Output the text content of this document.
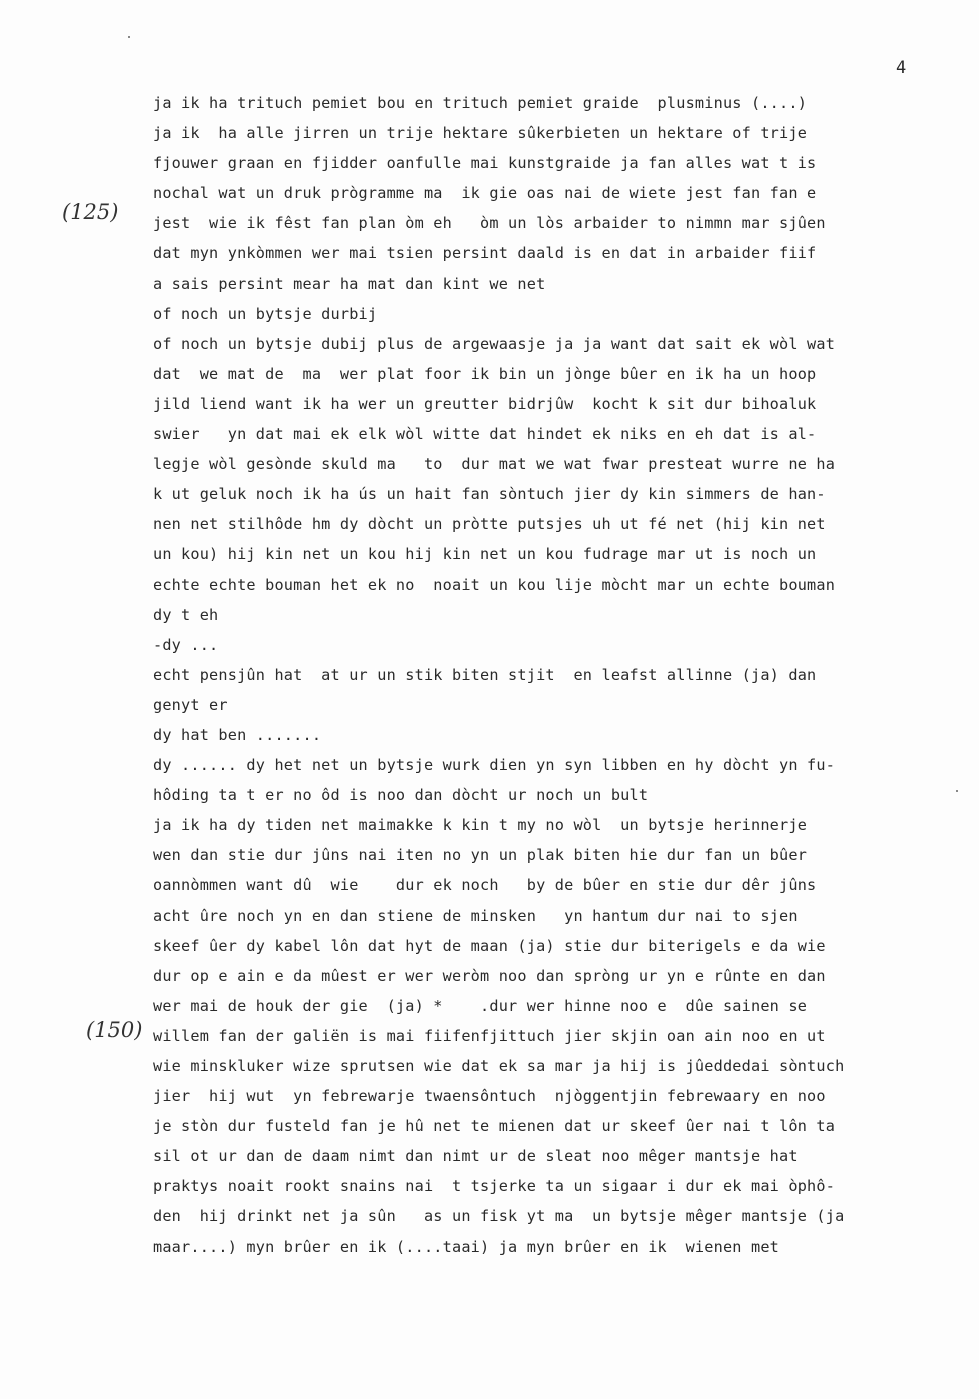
4
(125)
(150)
ja ik ha trituch pemiet bou en trituch pemiet graide  plusminus (....)
ja ik  ha alle jirren un trije hektare sûkerbieten un hektare of trije
fjouwer graan en fjidder oanfulle mai kunstgraide ja fan alles wat t is
nochal wat un druk prògramme ma  ik gie oas nai de wiete jest fan fan e
jest  wie ik fêst fan plan òm eh   òm un lòs arbaider to nimmn mar sjûen
dat myn ynkòmmen wer mai tsien persint daald is en dat in arbaider fiif
a sais persint mear ha mat dan kint we net
of noch un bytsje durbij
of noch un bytsje dubij plus de argewaasje ja ja want dat sait ek wòl wat
dat  we mat de  ma  wer plat foor ik bin un jònge bûer en ik ha un hoop
jild liend want ik ha wer un greutter bidrjûw  kocht k sit dur bihoaluk
swier   yn dat mai ek elk wòl witte dat hindet ek niks en eh dat is al-
legje wòl gesònde skuld ma   to  dur mat we wat fwar presteat wurre ne ha
k ut geluk noch ik ha ús un hait fan sòntuch jier dy kin simmers de han-
nen net stilhôde hm dy dòcht un pròtte putsjes uh ut fé net (hij kin net
un kou) hij kin net un kou hij kin net un kou fudrage mar ut is noch un
echte echte bouman het ek no  noait un kou lije mòcht mar un echte bouman
dy t eh
-dy ...
echt pensjûn hat  at ur un stik biten stjit  en leafst allinne (ja) dan
genyt er
dy hat ben .......
dy ...... dy het net un bytsje wurk dien yn syn libben en hy dòcht yn fu-
hôding ta t er no ôd is noo dan dòcht ur noch un bult
ja ik ha dy tiden net maimakke k kin t my no wòl  un bytsje herinnerje
wen dan stie dur jûns nai iten no yn un plak biten hie dur fan un bûer
oannòmmen want dû  wie    dur ek noch   by de bûer en stie dur dêr jûns
acht ûre noch yn en dan stiene de minsken   yn hantum dur nai to sjen
skeef ûer dy kabel lôn dat hyt de maan (ja) stie dur biterigels e da wie
dur op e ain e da mûest er wer weròm noo dan spròng ur yn e rûnte en dan
wer mai de houk der gie  (ja) *    .dur wer hinne noo e  dûe sainen se
willem fan der galiën is mai fiifenfjittuch jier skjin oan ain noo en ut
wie minskluker wize sprutsen wie dat ek sa mar ja hij is jûeddedai sòntuch
jier  hij wut  yn febrewarje twaensôntuch  njòggentjin febrewaary en noo
je stòn dur fusteld fan je hû net te mienen dat ur skeef ûer nai t lôn ta
sil ot ur dan de daam nimt dan nimt ur de sleat noo mêger mantsje hat
praktys noait rookt snains nai  t tsjerke ta un sigaar i dur ek mai òphô-
den  hij drinkt net ja sûn   as un fisk yt ma  un bytsje mêger mantsje (ja
maar....) myn brûer en ik (....taai) ja myn brûer en ik  wienen met
